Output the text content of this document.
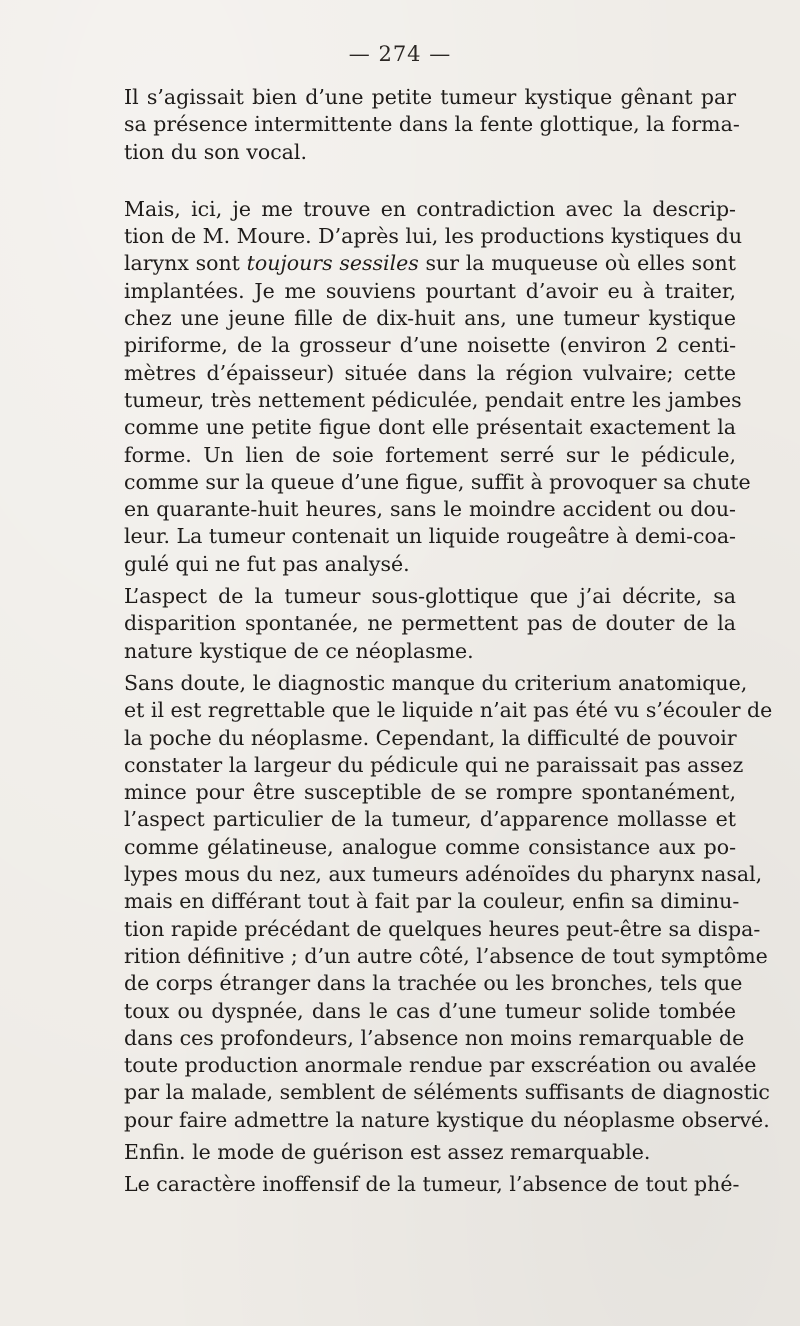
— 274 —

Il s’agissait bien d’une petite tumeur kystique gênant par
sa présence intermittente dans la fente glottique, la forma-
tion du son vocal.

Mais, ici, je me trouve en contradiction avec la descrip-
tion de M. Moure. D’après lui, les productions kystiques du
larynx sont toujours sessiles sur la muqueuse où elles sont
implantées. Je me souviens pourtant d’avoir eu à traiter,
chez une jeune fille de dix-huit ans, une tumeur kystique
piriforme, de la grosseur d’une noisette (environ 2 centi-
mètres d’épaisseur) située dans la région vulvaire; cette
tumeur, très nettement pédiculée, pendait entre les jambes
comme une petite figue dont elle présentait exactement la
forme. Un lien de soie fortement serré sur le pédicule,
comme sur la queue d’une figue, suffit à provoquer sa chute
en quarante-huit heures, sans le moindre accident ou dou-
leur. La tumeur contenait un liquide rougeâtre à demi-coa-
gulé qui ne fut pas analysé.

L’aspect de la tumeur sous-glottique que j’ai décrite, sa
disparition spontanée, ne permettent pas de douter de la
nature kystique de ce néoplasme.

Sans doute, le diagnostic manque du criterium anatomique,
et il est regrettable que le liquide n’ait pas été vu s’écouler de
la poche du néoplasme. Cependant, la difficulté de pouvoir
constater la largeur du pédicule qui ne paraissait pas assez
mince pour être susceptible de se rompre spontanément,
l’aspect particulier de la tumeur, d’apparence mollasse et
comme gélatineuse, analogue comme consistance aux po-
lypes mous du nez, aux tumeurs adénoïdes du pharynx nasal,
mais en différant tout à fait par la couleur, enfin sa diminu-
tion rapide précédant de quelques heures peut-être sa dispa-
rition définitive ; d’un autre côté, l’absence de tout symptôme
de corps étranger dans la trachée ou les bronches, tels que
toux ou dyspnée, dans le cas d’une tumeur solide tombée
dans ces profondeurs, l’absence non moins remarquable de
toute production anormale rendue par exscréation ou avalée
par la malade, semblent de séléments suffisants de diagnostic
pour faire admettre la nature kystique du néoplasme observé.

Enfin. le mode de guérison est assez remarquable.

Le caractère inoffensif de la tumeur, l’absence de tout phé-
